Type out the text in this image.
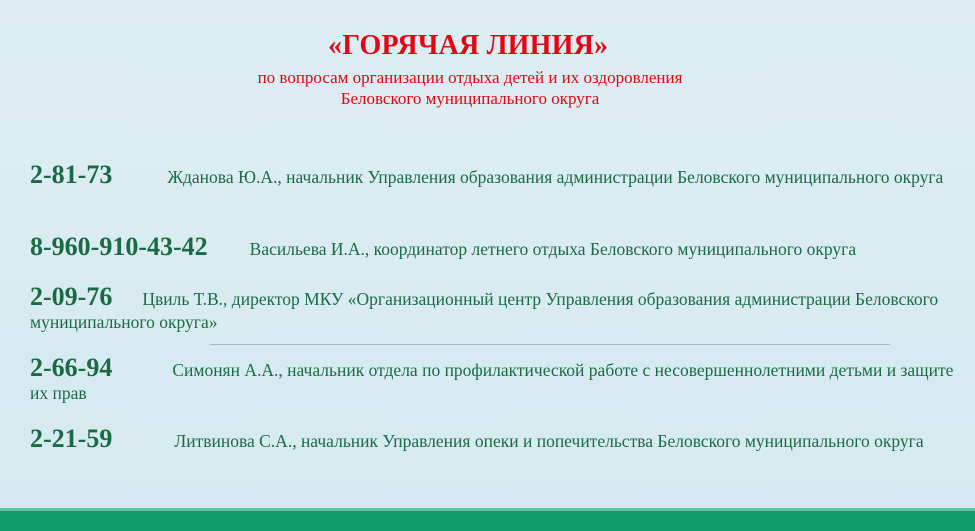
«ГОРЯЧАЯ ЛИНИЯ»
по вопросам организации отдыха детей и их оздоровления
Беловского муниципального округа
2-81-73	Жданова Ю.А., начальник Управления образования администрации Беловского муниципального округа
8-960-910-43-42 Васильева И.А., координатор летнего отдыха Беловского муниципального округа
2-09-76 Цвиль Т.В., директор МКУ «Организационный центр Управления образования администрации Беловского муниципального округа»
2-66-94	Симонян А.А., начальник отдела по профилактической работе с несовершеннолетними детьми и защите их прав
2-21-59	Литвинова С.А., начальник Управления опеки и попечительства Беловского муниципального округа
